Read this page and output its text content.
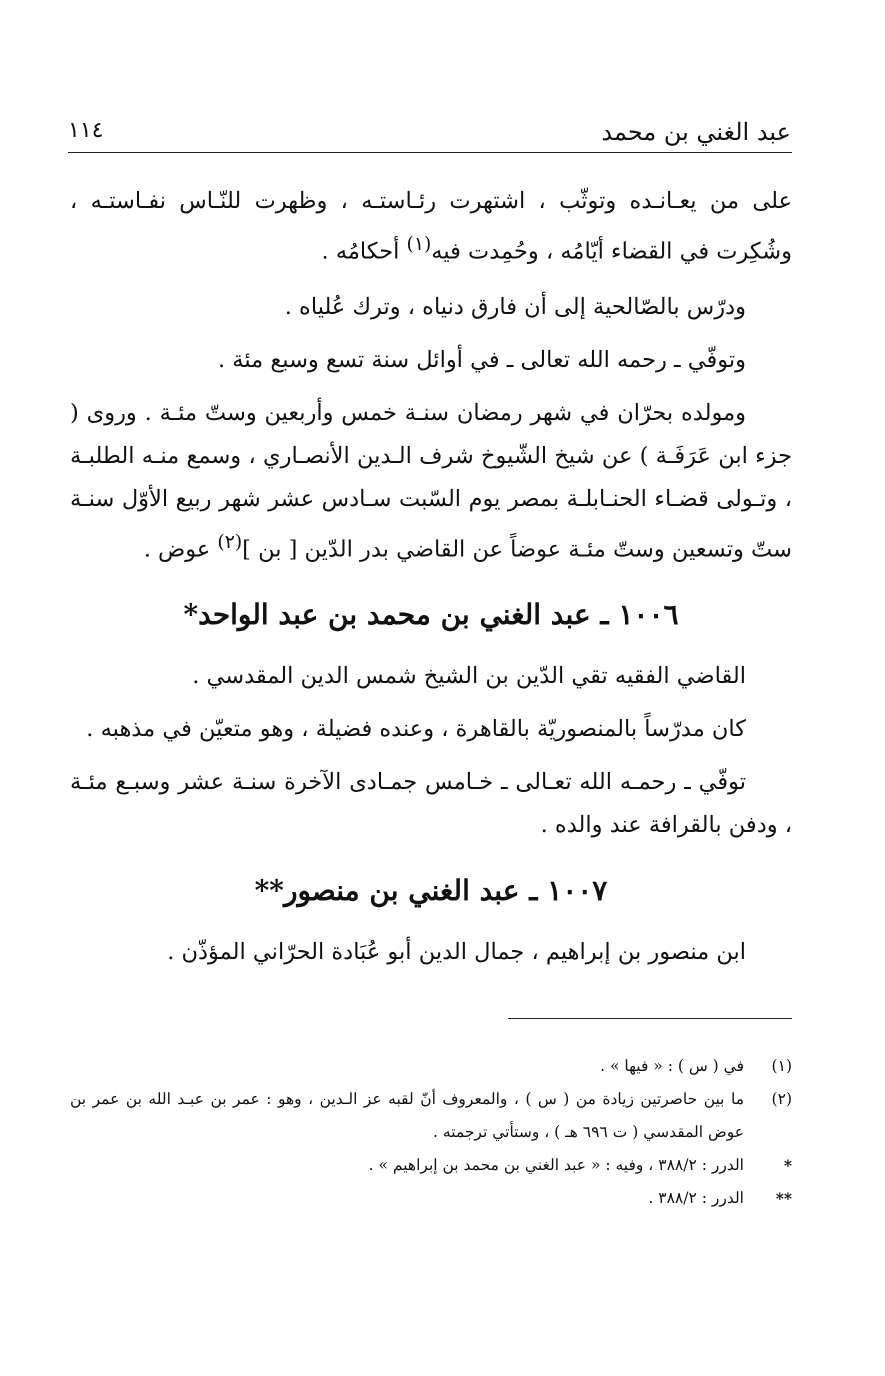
عبد الغني بن محمد
١١٤

على من يعـانـده وتوثّب ، اشتهرت رئـاستـه ، وظهرت للنّـاس نفـاستـه ، وشُكِرت في القضاء أيّامُه ، وحُمِدت فيه$^{(١)}$ أحكامُه .

ودرّس بالصّالحية إلى أن فارق دنياه ، وترك عُلياه .

وتوفّي ـ رحمه الله تعالى ـ في أوائل سنة تسع وسبع مئة .

ومولده بحرّان في شهر رمضان سنـة خمس وأربعين وستّ مئـة . وروى ( جزء ابن عَرَفَـة ) عن شيخ الشّيوخ شرف الـدين الأنصـاري ، وسمع منـه الطلبـة ، وتـولى قضـاء الحنـابلـة بمصر يوم السّبت سـادس عشر شهر ربيع الأوّل سنـة ستّ وتسعين وستّ مئـة عوضاً عن القاضي بدر الدّين [ بن ]$^{(٢)}$ عوض .

١٠٠٦ ـ عبد الغني بن محمد بن عبد الواحد*

القاضي الفقيه تقي الدّين بن الشيخ شمس الدين المقدسي .

كان مدرّساً بالمنصوريّة بالقاهرة ، وعنده فضيلة ، وهو متعيّن في مذهبه .

توفّي ـ رحمـه الله تعـالى ـ خـامس جمـادى الآخرة سنـة عشر وسبـع مئـة ، ودفن بالقرافة عند والده .

١٠٠٧ ـ عبد الغني بن منصور**

ابن منصور بن إبراهيم ، جمال الدين أبو عُبَادة الحرّاني المؤذّن .

(١)
في ( س ) : « فيها » .

(٢)
ما بين حاصرتين زيادة من ( س ) ، والمعروف أنّ لقبه عز الـدين ، وهو : عمر بن عبـد الله بن عمر بن عوض المقدسي ( ت ٦٩٦ هـ ) ، وستأتي ترجمته .

*
الدرر : ٣٨٨/٢ ، وفيه : « عبد الغني بن محمد بن إبراهيم » .

**
الدرر : ٣٨٨/٢ .
